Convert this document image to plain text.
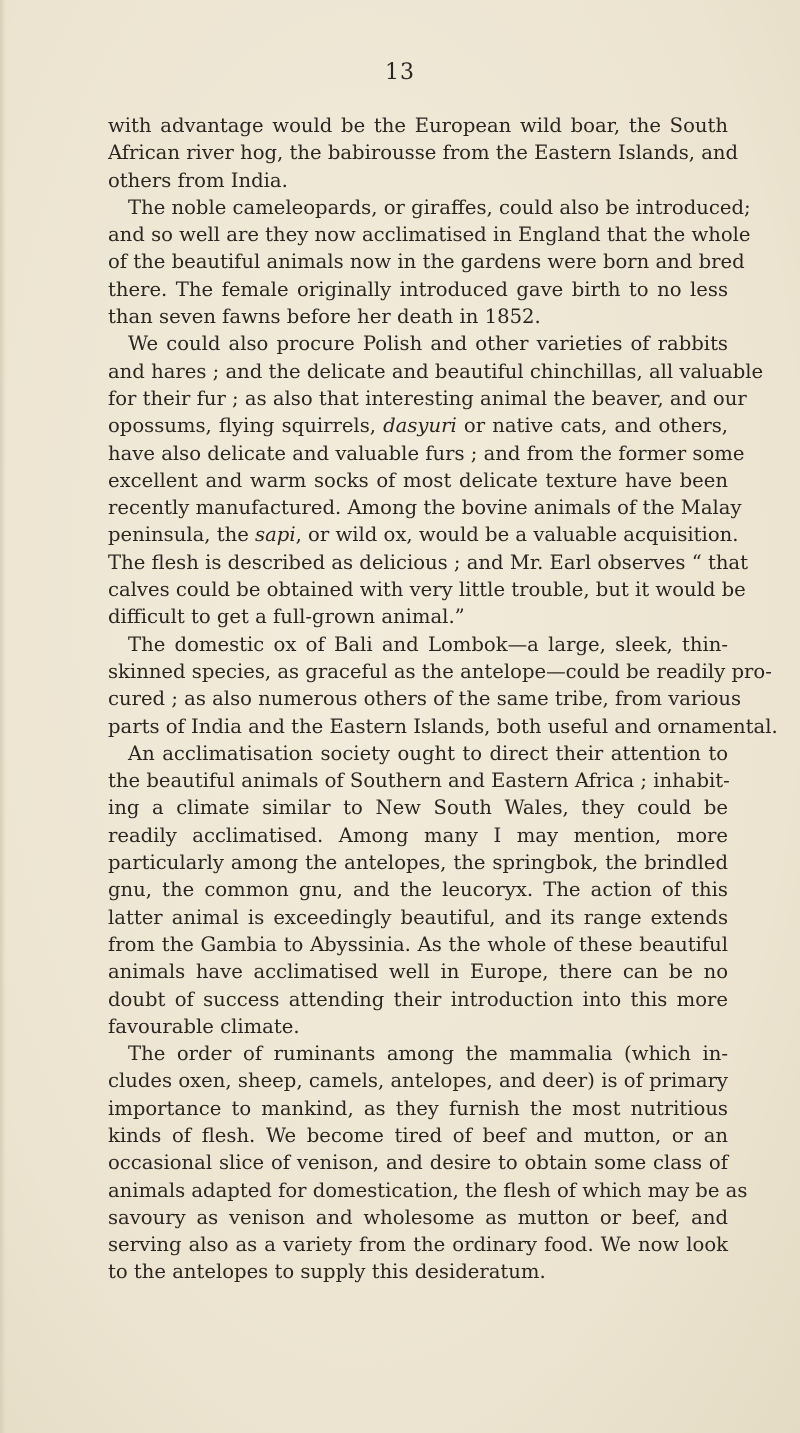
13
with advantage would be the European wild boar, the South
African river hog, the babirousse from the Eastern Islands, and
others from India.
The noble cameleopards, or giraffes, could also be introduced;
and so well are they now acclimatised in England that the whole
of the beautiful animals now in the gardens were born and bred
there. The female originally introduced gave birth to no less
than seven fawns before her death in 1852.
We could also procure Polish and other varieties of rabbits
and hares ; and the delicate and beautiful chinchillas, all valuable
for their fur ; as also that interesting animal the beaver, and our
opossums, flying squirrels, dasyuri or native cats, and others,
have also delicate and valuable furs ; and from the former some
excellent and warm socks of most delicate texture have been
recently manufactured. Among the bovine animals of the Malay
peninsula, the sapi, or wild ox, would be a valuable acquisition.
The flesh is described as delicious ; and Mr. Earl observes “ that
calves could be obtained with very little trouble, but it would be
difficult to get a full-grown animal.”
The domestic ox of Bali and Lombok—a large, sleek, thin-
skinned species, as graceful as the antelope—could be readily pro-
cured ; as also numerous others of the same tribe, from various
parts of India and the Eastern Islands, both useful and ornamental.
An acclimatisation society ought to direct their attention to
the beautiful animals of Southern and Eastern Africa ; inhabit-
ing a climate similar to New South Wales, they could be
readily acclimatised. Among many I may mention, more
particularly among the antelopes, the springbok, the brindled
gnu, the common gnu, and the leucoryx. The action of this
latter animal is exceedingly beautiful, and its range extends
from the Gambia to Abyssinia. As the whole of these beautiful
animals have acclimatised well in Europe, there can be no
doubt of success attending their introduction into this more
favourable climate.
The order of ruminants among the mammalia (which in-
cludes oxen, sheep, camels, antelopes, and deer) is of primary
importance to mankind, as they furnish the most nutritious
kinds of flesh. We become tired of beef and mutton, or an
occasional slice of venison, and desire to obtain some class of
animals adapted for domestication, the flesh of which may be as
savoury as venison and wholesome as mutton or beef, and
serving also as a variety from the ordinary food. We now look
to the antelopes to supply this desideratum.
